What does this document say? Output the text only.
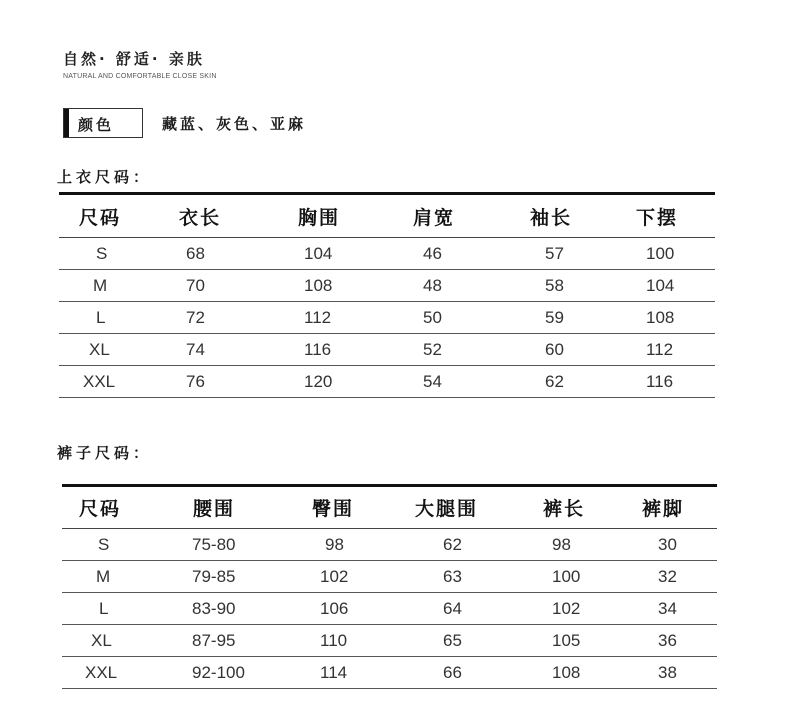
自然· 舒适· 亲肤
NATURAL AND COMFORTABLE CLOSE SKIN
颜色	藏蓝、灰色、亚麻
上衣尺码：
尺码	衣长	胸围	肩宽	袖长	下摆
S	68	104	46	57	100
M	70	108	48	58	104
L	72	112	50	59	108
XL	74	116	52	60	112
XXL	76	120	54	62	116
裤子尺码：
尺码	腰围	臀围	大腿围	裤长	裤脚
S	75-80	98	62	98	30
M	79-85	102	63	100	32
L	83-90	106	64	102	34
XL	87-95	110	65	105	36
XXL	92-100	114	66	108	38
